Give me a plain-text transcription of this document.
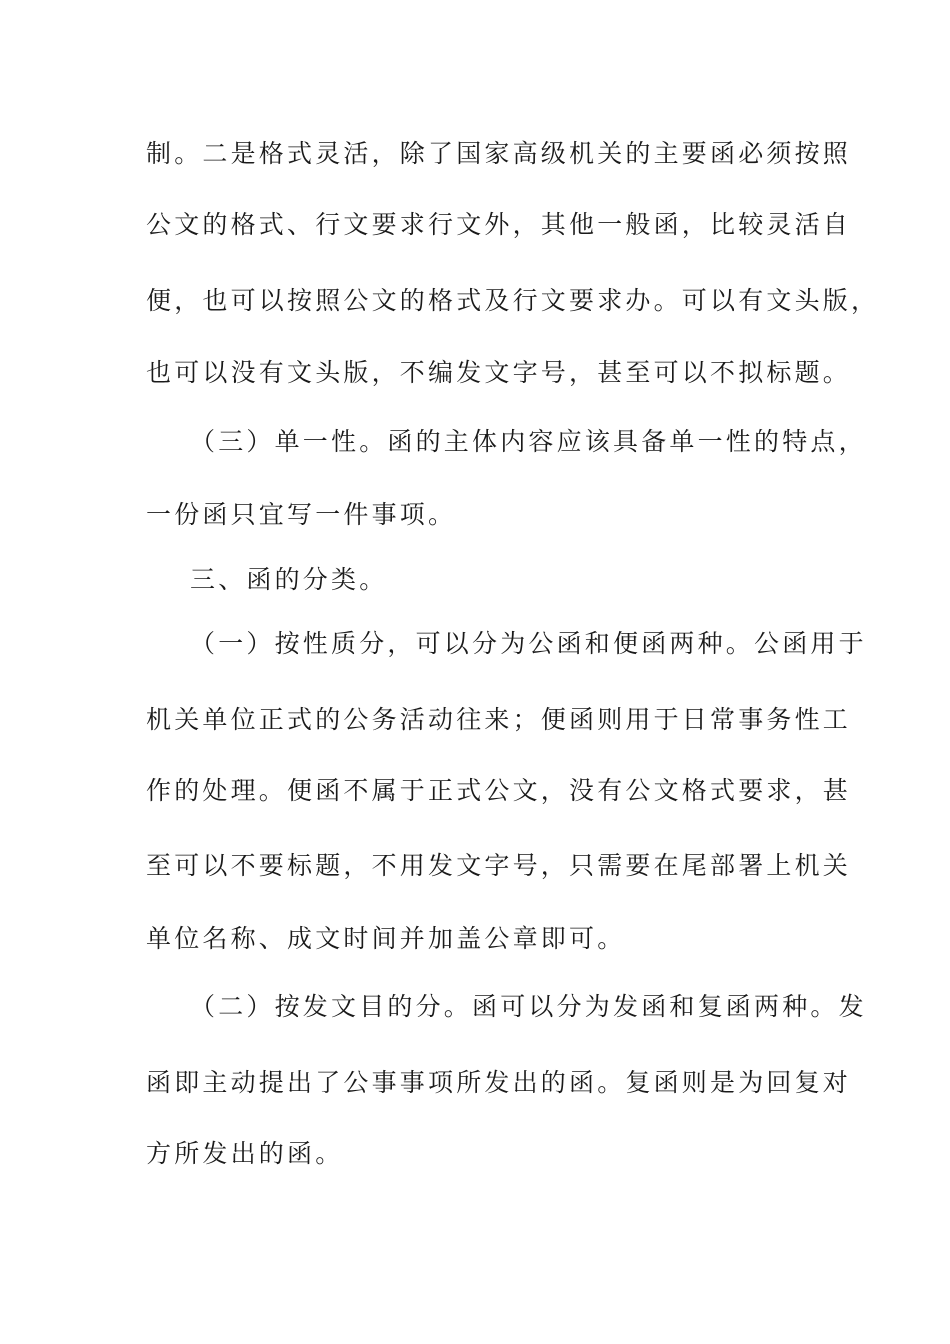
制。二是格式灵活，除了国家高级机关的主要函必须按照
公文的格式、行文要求行文外，其他一般函，比较灵活自
便，也可以按照公文的格式及行文要求办。可以有文头版，
也可以没有文头版，不编发文字号，甚至可以不拟标题。
（三）单一性。函的主体内容应该具备单一性的特点，
一份函只宜写一件事项。
三、函的分类。
（一）按性质分，可以分为公函和便函两种。公函用于
机关单位正式的公务活动往来；便函则用于日常事务性工
作的处理。便函不属于正式公文，没有公文格式要求，甚
至可以不要标题，不用发文字号，只需要在尾部署上机关
单位名称、成文时间并加盖公章即可。
（二）按发文目的分。函可以分为发函和复函两种。发
函即主动提出了公事事项所发出的函。复函则是为回复对
方所发出的函。
